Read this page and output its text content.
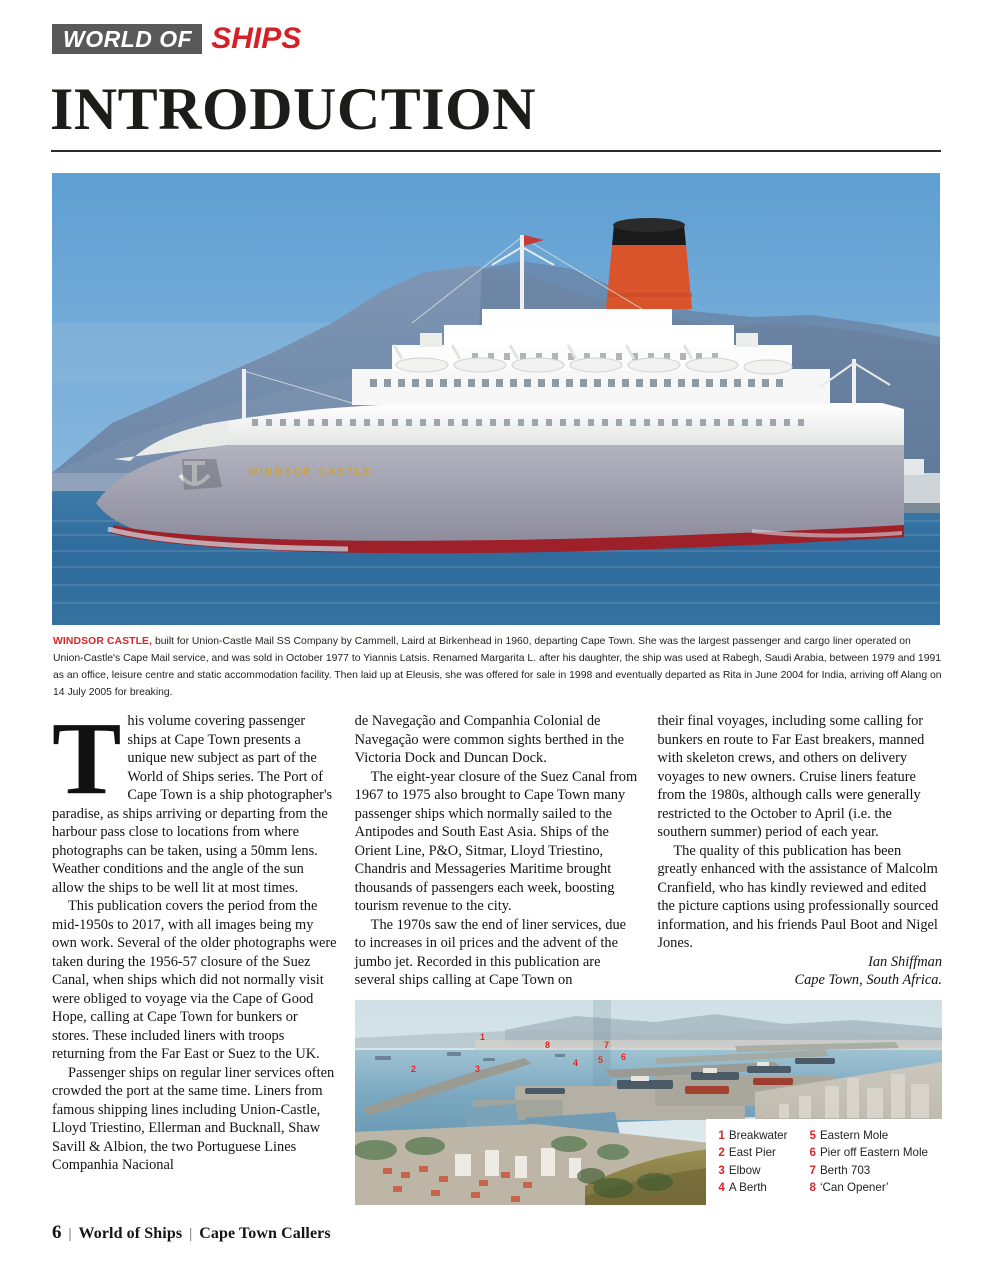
WORLD OF SHIPS
INTRODUCTION
WINDSOR CASTLE
WINDSOR CASTLE, built for Union-Castle Mail SS Company by Cammell, Laird at Birkenhead in 1960, departing Cape Town. She was the largest passenger and cargo liner operated on Union-Castle's Cape Mail service, and was sold in October 1977 to Yiannis Latsis. Renamed Margarita L. after his daughter, the ship was used at Rabegh, Saudi Arabia, between 1979 and 1991 as an office, leisure centre and static accommodation facility. Then laid up at Eleusis, she was offered for sale in 1998 and eventually departed as Rita in June 2004 for India, arriving off Alang on 14 July 2005 for breaking.

This volume covering passenger ships at Cape Town presents a unique new subject as part of the World of Ships series. The Port of Cape Town is a ship photographer's paradise, as ships arriving or departing from the harbour pass close to locations from where photographs can be taken, using a 50mm lens. Weather conditions and the angle of the sun allow the ships to be well lit at most times.

This publication covers the period from the mid-1950s to 2017, with all images being my own work. Several of the older photographs were taken during the 1956-57 closure of the Suez Canal, when ships which did not normally visit were obliged to voyage via the Cape of Good Hope, calling at Cape Town for bunkers or stores. These included liners with troops returning from the Far East or Suez to the UK.

Passenger ships on regular liner services often crowded the port at the same time. Liners from famous shipping lines including Union-Castle, Lloyd Triestino, Ellerman and Bucknall, Shaw Savill & Albion, the two Portuguese Lines Companhia Nacional

de Navegação and Companhia Colonial de Navegação were common sights berthed in the Victoria Dock and Duncan Dock.

The eight-year closure of the Suez Canal from 1967 to 1975 also brought to Cape Town many passenger ships which normally sailed to the Antipodes and South East Asia. Ships of the Orient Line, P&O, Sitmar, Lloyd Triestino, Chandris and Messageries Maritime brought thousands of passengers each week, boosting tourism revenue to the city.

The 1970s saw the end of liner services, due to increases in oil prices and the advent of the jumbo jet. Recorded in this publication are several ships calling at Cape Town on

their final voyages, including some calling for bunkers en route to Far East breakers, manned with skeleton crews, and others on delivery voyages to new owners. Cruise liners feature from the 1980s, although calls were generally restricted to the October to April (i.e. the southern summer) period of each year.

The quality of this publication has been greatly enhanced with the assistance of Malcolm Cranfield, who has kindly reviewed and edited the picture captions using professionally sourced information, and his friends Paul Boot and Nigel Jones.

Ian Shiffman

Cape Town, South Africa.

1
2	3
4 5 6
7
8
1 Breakwater
2 East Pier
3 Elbow
4 A Berth
5 Eastern Mole
6 Pier off Eastern Mole
7 Berth 703
8 ‘Can Opener’
6 | World of Ships | Cape Town Callers
